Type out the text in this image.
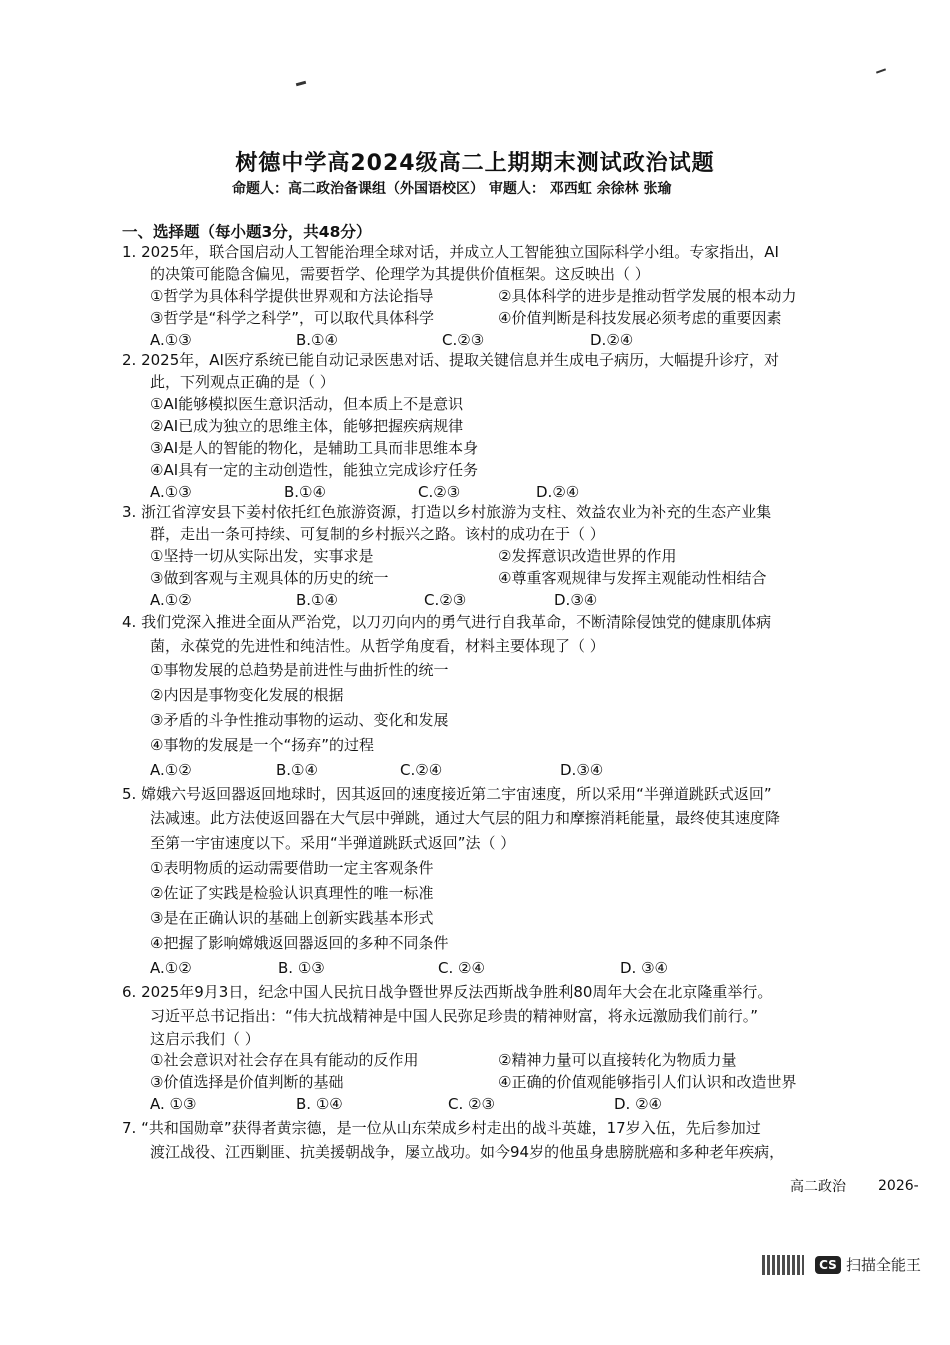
树德中学高2024级高二上期期末测试政治试题
命题人：高二政治备课组（外国语校区） 审题人： 邓西虹 余徐林 张瑜
一、选择题（每小题3分，共48分）
1. 2025年，联合国启动人工智能治理全球对话，并成立人工智能独立国际科学小组。专家指出，AI
的决策可能隐含偏见，需要哲学、伦理学为其提供价值框架。这反映出（ ）
①哲学为具体科学提供世界观和方法论指导	②具体科学的进步是推动哲学发展的根本动力
③哲学是“科学之科学”，可以取代具体科学	④价值判断是科技发展必须考虑的重要因素
A.①③	B.①④	C.②③	D.②④
2. 2025年，AI医疗系统已能自动记录医患对话、提取关键信息并生成电子病历，大幅提升诊疗，对
此，下列观点正确的是（ ）
①AI能够模拟医生意识活动，但本质上不是意识
②AI已成为独立的思维主体，能够把握疾病规律
③AI是人的智能的物化，是辅助工具而非思维本身
④AI具有一定的主动创造性，能独立完成诊疗任务
A.①③	B.①④	C.②③	D.②④
3. 浙江省淳安县下姜村依托红色旅游资源，打造以乡村旅游为支柱、效益农业为补充的生态产业集
群，走出一条可持续、可复制的乡村振兴之路。该村的成功在于（ ）
①坚持一切从实际出发，实事求是	②发挥意识改造世界的作用
③做到客观与主观具体的历史的统一	④尊重客观规律与发挥主观能动性相结合
A.①②	B.①④	C.②③	D.③④
4. 我们党深入推进全面从严治党，以刀刃向内的勇气进行自我革命，不断清除侵蚀党的健康肌体病
菌，永葆党的先进性和纯洁性。从哲学角度看，材料主要体现了（ ）
①事物发展的总趋势是前进性与曲折性的统一
②内因是事物变化发展的根据
③矛盾的斗争性推动事物的运动、变化和发展
④事物的发展是一个“扬弃”的过程
A.①②	B.①④	C.②④	D.③④
5. 嫦娥六号返回器返回地球时，因其返回的速度接近第二宇宙速度，所以采用“半弹道跳跃式返回”
法减速。此方法使返回器在大气层中弹跳，通过大气层的阻力和摩擦消耗能量，最终使其速度降
至第一宇宙速度以下。采用“半弹道跳跃式返回”法（ ）
①表明物质的运动需要借助一定主客观条件
②佐证了实践是检验认识真理性的唯一标准
③是在正确认识的基础上创新实践基本形式
④把握了影响嫦娥返回器返回的多种不同条件
A.①②	B. ①③	C. ②④	D. ③④
6. 2025年9月3日，纪念中国人民抗日战争暨世界反法西斯战争胜利80周年大会在北京隆重举行。
习近平总书记指出：“伟大抗战精神是中国人民弥足珍贵的精神财富，将永远激励我们前行。”
这启示我们（ ）
①社会意识对社会存在具有能动的反作用	②精神力量可以直接转化为物质力量
③价值选择是价值判断的基础	④正确的价值观能够指引人们认识和改造世界
A. ①③	B. ①④	C. ②③	D. ②④
7. “共和国勋章”获得者黄宗德，是一位从山东荣成乡村走出的战斗英雄，17岁入伍，先后参加过
渡江战役、江西剿匪、抗美援朝战争，屡立战功。如今94岁的他虽身患膀胱癌和多种老年疾病，
高二政治 2026-
CS 扫描全能王
